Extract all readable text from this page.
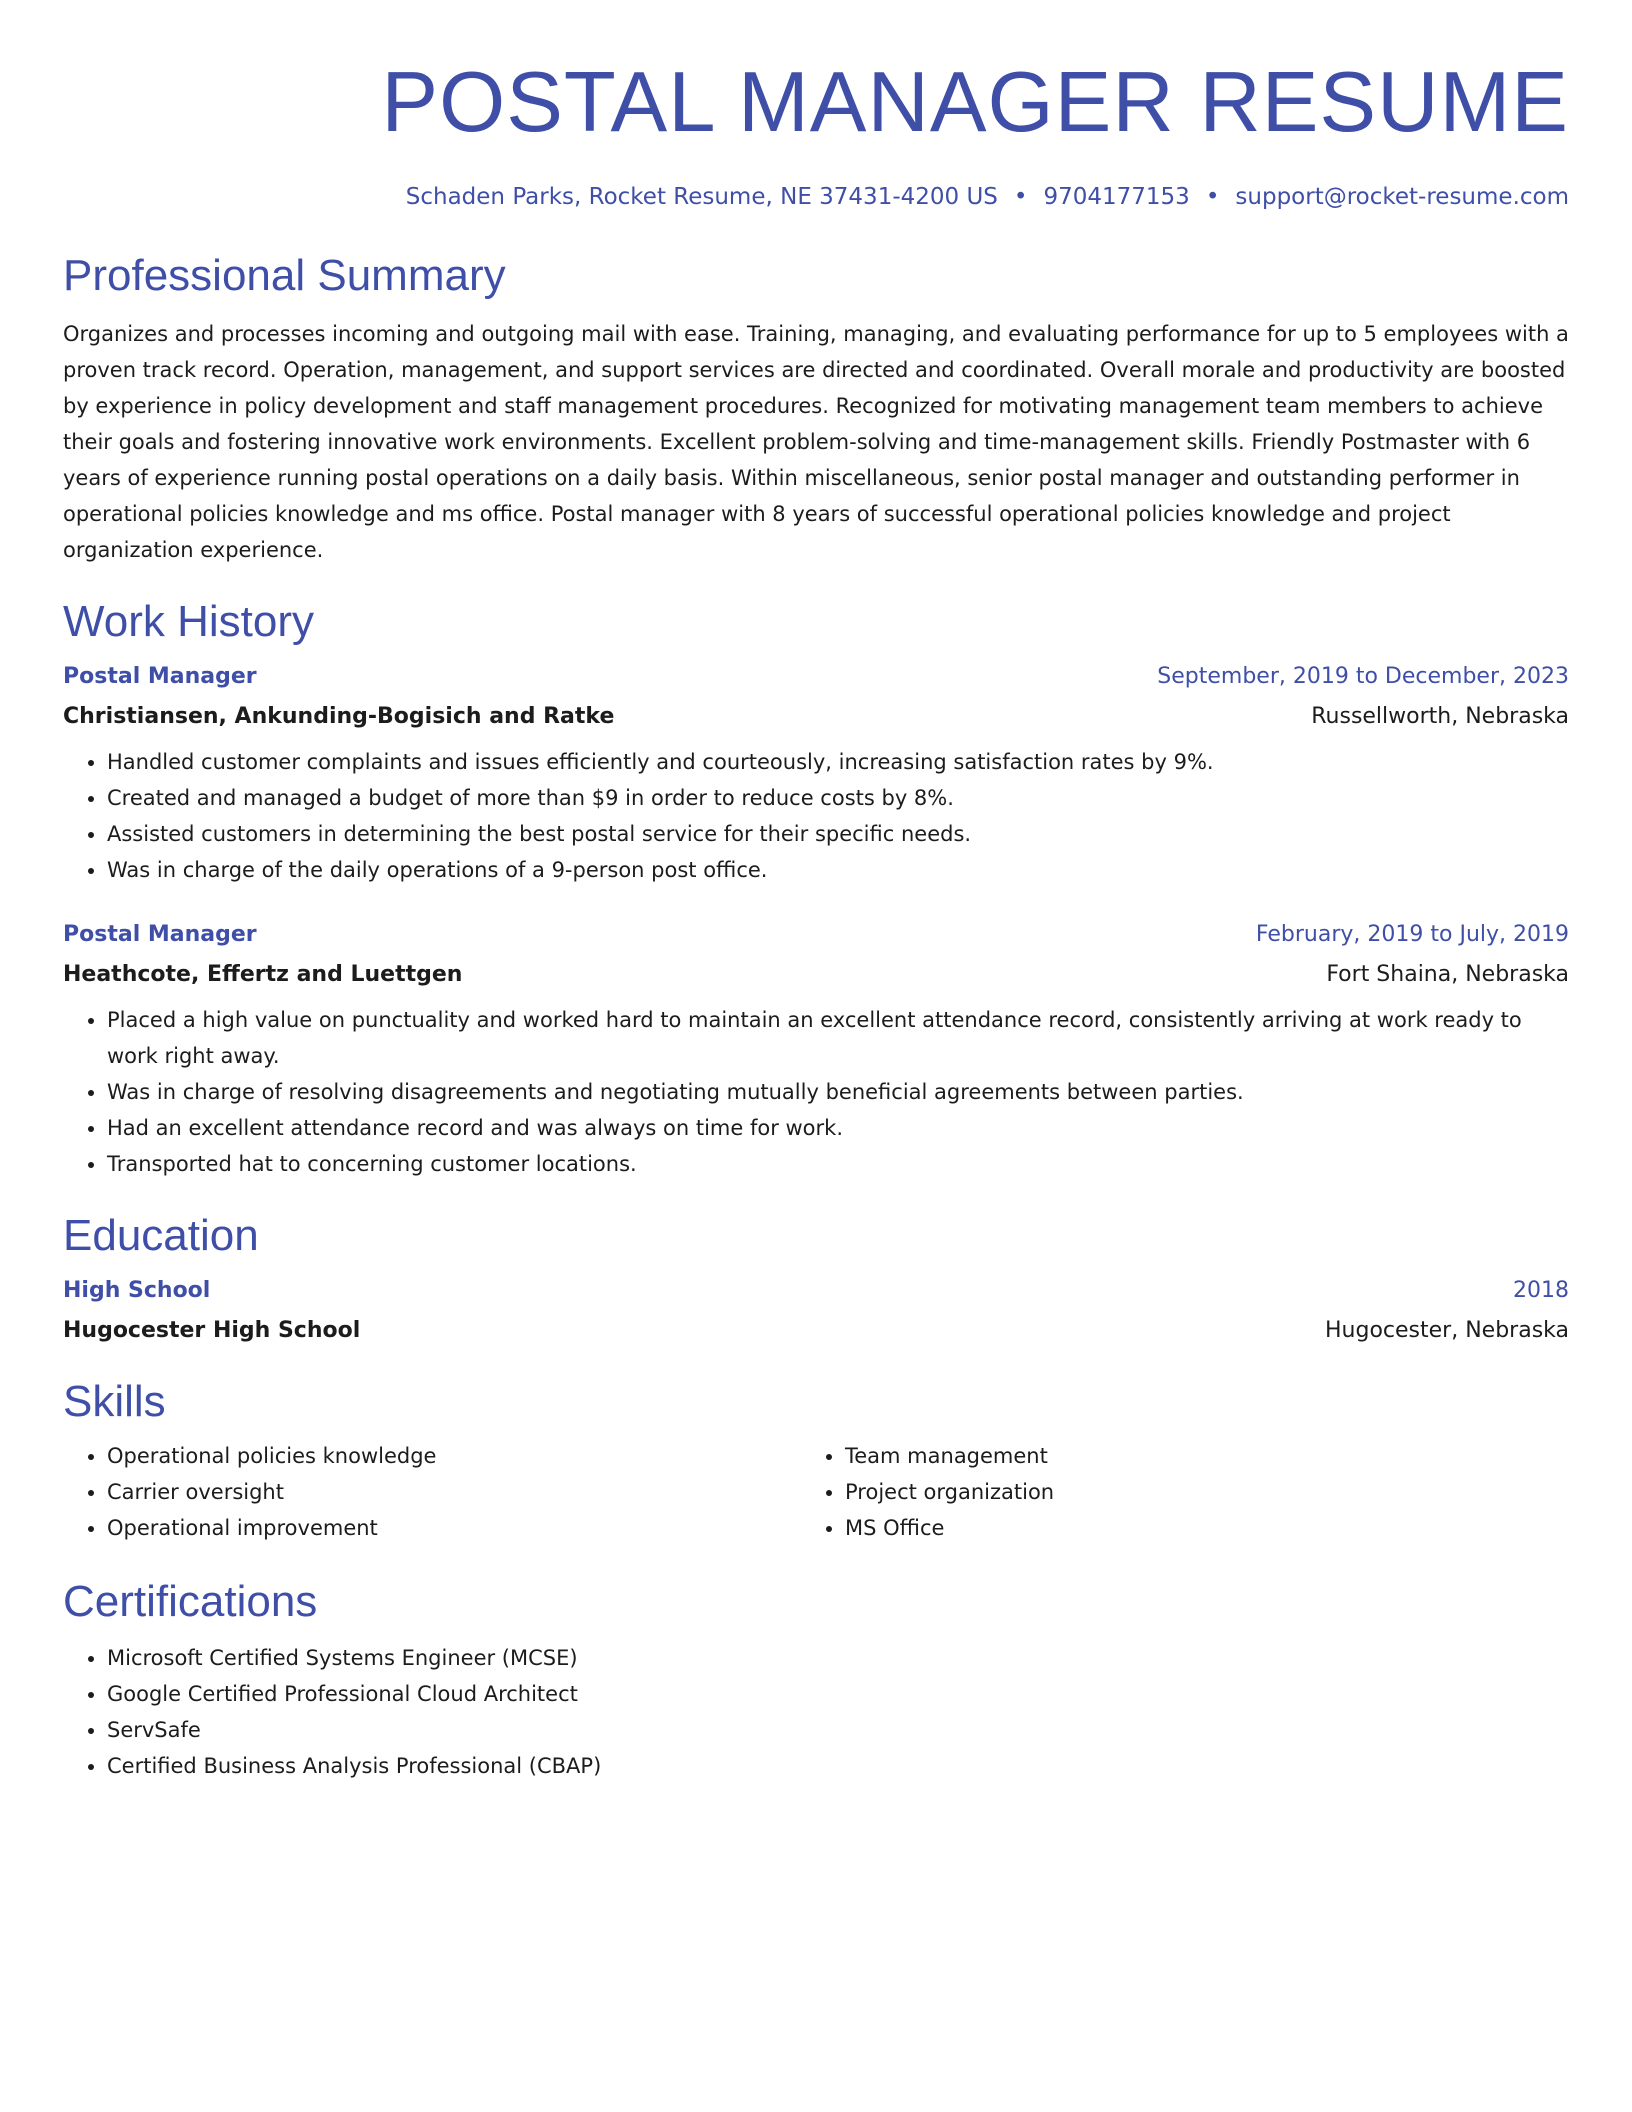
POSTAL MANAGER RESUME
Schaden Parks, Rocket Resume, NE 37431-4200 US • 9704177153 • support@rocket-resume.com
Professional Summary

Organizes and processes incoming and outgoing mail with ease. Training, managing, and evaluating performance for up to 5 employees with a proven track record. Operation, management, and support services are directed and coordinated. Overall morale and productivity are boosted by experience in policy development and staff management procedures. Recognized for motivating management team members to achieve their goals and fostering innovative work environments. Excellent problem-solving and time-management skills. Friendly Postmaster with 6 years of experience running postal operations on a daily basis. Within miscellaneous, senior postal manager and outstanding performer in operational policies knowledge and ms office. Postal manager with 8 years of successful operational policies knowledge and project organization experience.

Work History
Postal Manager	September, 2019 to December, 2023
Christiansen, Ankunding-Bogisich and Ratke	Russellworth, Nebraska
• Handled customer complaints and issues efficiently and courteously, increasing satisfaction rates by 9%.
• Created and managed a budget of more than $9 in order to reduce costs by 8%.
• Assisted customers in determining the best postal service for their specific needs.
• Was in charge of the daily operations of a 9-person post office.
Postal Manager	February, 2019 to July, 2019
Heathcote, Effertz and Luettgen	Fort Shaina, Nebraska
• Placed a high value on punctuality and worked hard to maintain an excellent attendance record, consistently arriving at work ready to work right away.
• Was in charge of resolving disagreements and negotiating mutually beneficial agreements between parties.
• Had an excellent attendance record and was always on time for work.
• Transported hat to concerning customer locations.
Education
High School	2018
Hugocester High School	Hugocester, Nebraska
Skills
• Operational policies knowledge
• Carrier oversight
• Operational improvement
• Team management
• Project organization
• MS Office
Certifications
• Microsoft Certified Systems Engineer (MCSE)
• Google Certified Professional Cloud Architect
• ServSafe
• Certified Business Analysis Professional (CBAP)
